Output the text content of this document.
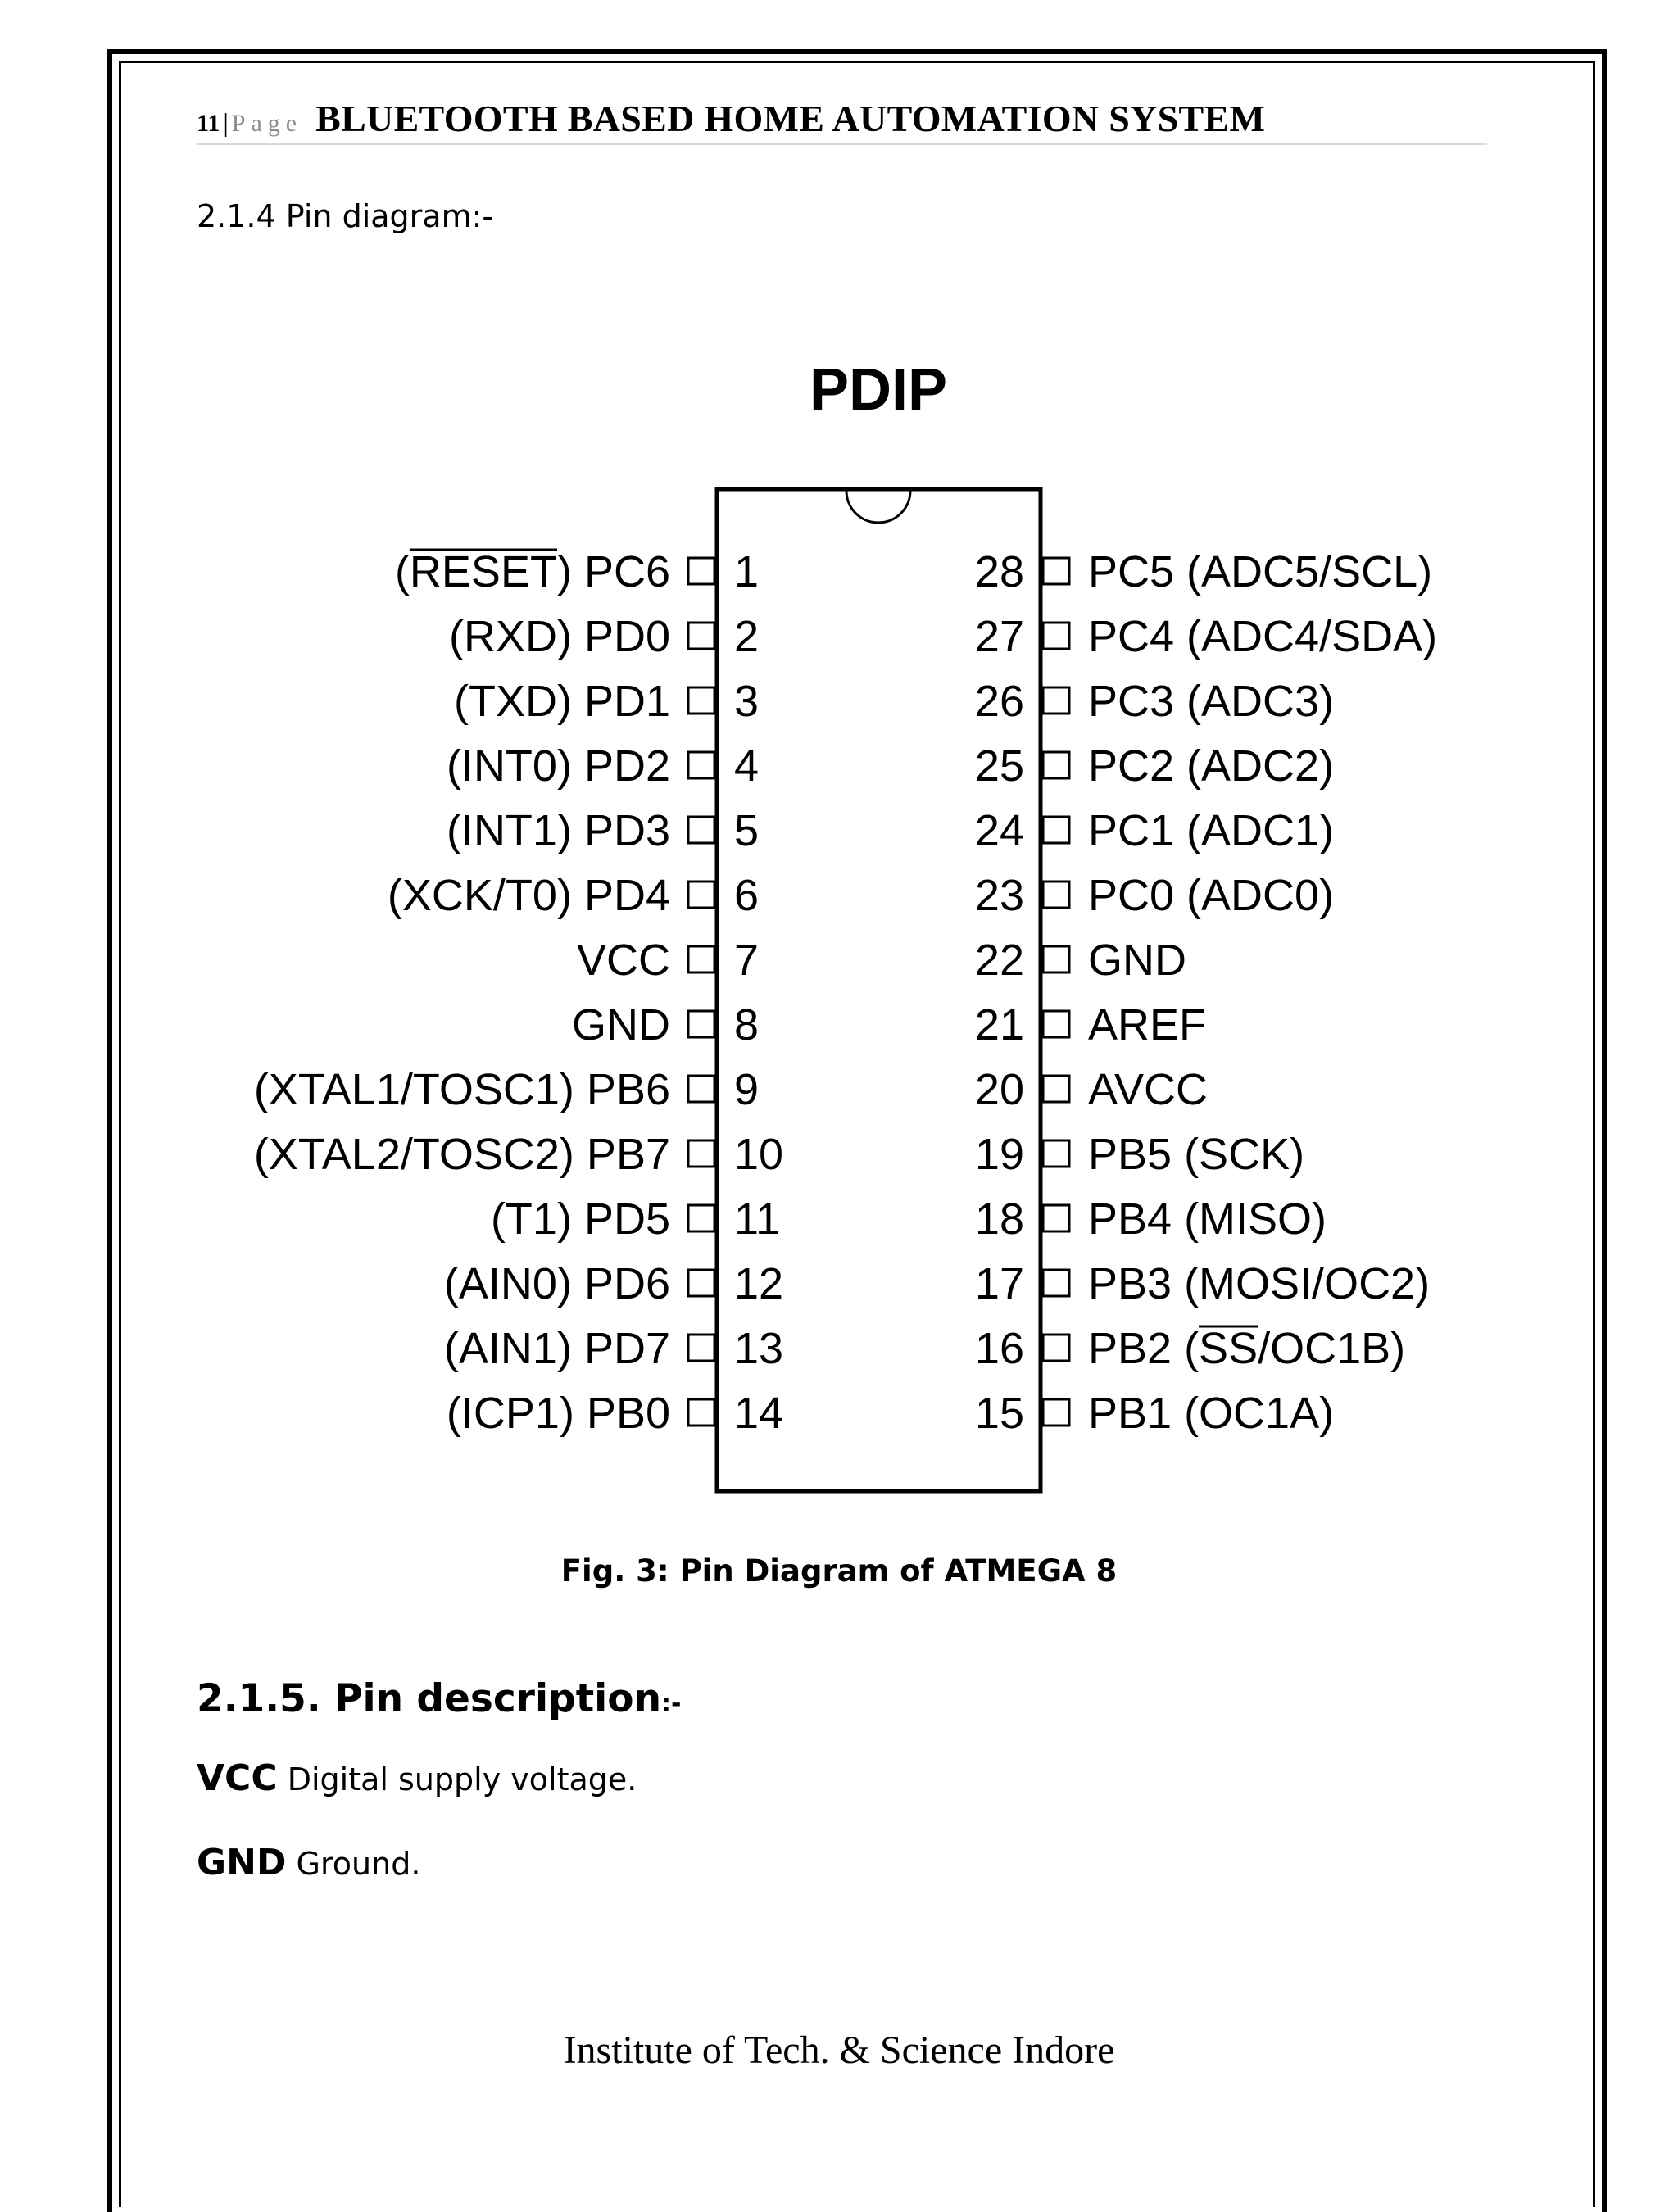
11 | Page BLUETOOTH BASED HOME AUTOMATION SYSTEM
2.1.4 Pin diagram:-
PDIP
(RESET) PC6 1
(RXD) PD0 2
(TXD) PD1 3
(INT0) PD2 4
(INT1) PD3 5
(XCK/T0) PD4 6
VCC 7
GND 8
(XTAL1/TOSC1) PB6 9
(XTAL2/TOSC2) PB7 10
(T1) PD5 11
(AIN0) PD6 12
(AIN1) PD7 13
(ICP1) PB0 14
28 PC5 (ADC5/SCL)
27 PC4 (ADC4/SDA)
26 PC3 (ADC3)
25 PC2 (ADC2)
24 PC1 (ADC1)
23 PC0 (ADC0)
22 GND
21 AREF
20 AVCC
19 PB5 (SCK)
18 PB4 (MISO)
17 PB3 (MOSI/OC2)
16 PB2 (SS/OC1B)
15 PB1 (OC1A)
Fig. 3: Pin Diagram of ATMEGA 8
2.1.5. Pin description:-
VCC Digital supply voltage.
GND Ground.
Institute of Tech. & Science Indore
